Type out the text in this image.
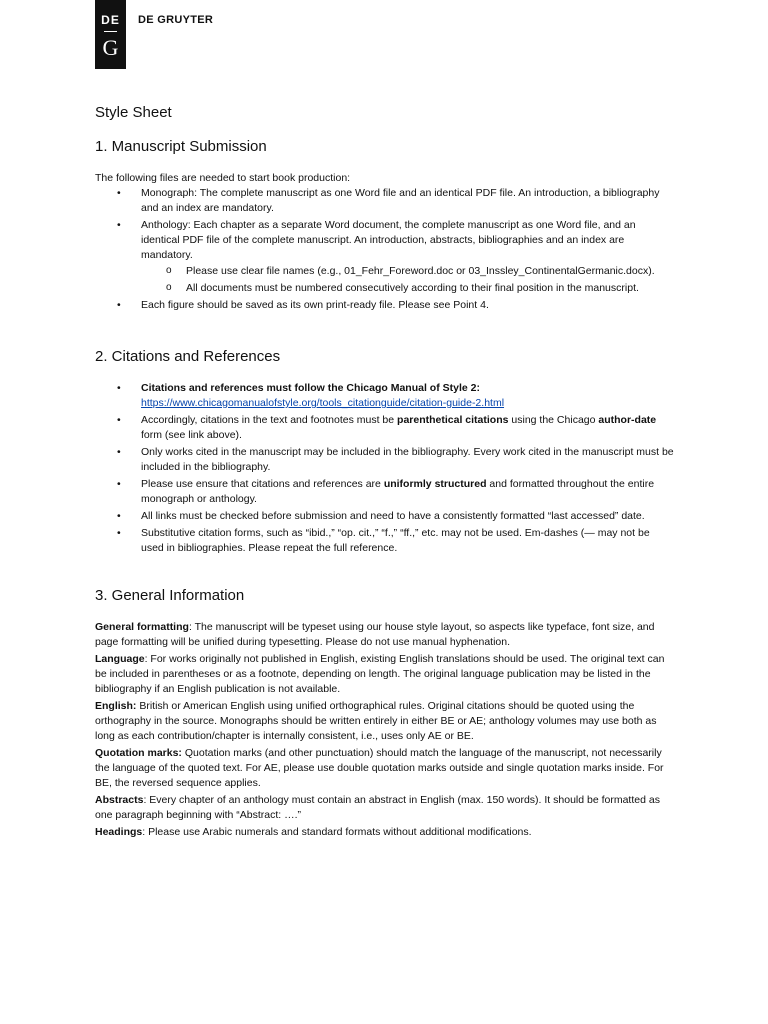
DE
G
DE GRUYTER
Style Sheet
1. Manuscript Submission

The following files are needed to start book production:

• Monograph: The complete manuscript as one Word file and an identical PDF file. An introduction, a bibliography and an index are mandatory.
• Anthology: Each chapter as a separate Word document, the complete manuscript as one Word file, and an identical PDF file of the complete manuscript. An introduction, abstracts, bibliographies and an index are mandatory.
o Please use clear file names (e.g., 01_Fehr_Foreword.doc or 03_Inssley_ContinentalGermanic.docx).
o All documents must be numbered consecutively according to their final position in the manuscript.
• Each figure should be saved as its own print-ready file. Please see Point 4.
2. Citations and References
• Citations and references must follow the Chicago Manual of Style 2:
https://www.chicagomanualofstyle.org/tools_citationguide/citation-guide-2.html
• Accordingly, citations in the text and footnotes must be parenthetical citations using the Chicago author-date form (see link above).
• Only works cited in the manuscript may be included in the bibliography. Every work cited in the manuscript must be included in the bibliography.
• Please use ensure that citations and references are uniformly structured and formatted throughout the entire monograph or anthology.
• All links must be checked before submission and need to have a consistently formatted “last accessed” date.
• Substitutive citation forms, such as “ibid.,” “op. cit.,” “f.,” “ff.,” etc. may not be used. Em-dashes (— may not be used in bibliographies. Please repeat the full reference.
3. General Information

General formatting: The manuscript will be typeset using our house style layout, so aspects like typeface, font size, and page formatting will be unified during typesetting. Please do not use manual hyphenation.

Language: For works originally not published in English, existing English translations should be used. The original text can be included in parentheses or as a footnote, depending on length. The original language publication may be listed in the bibliography if an English publication is not available.

English: British or American English using unified orthographical rules. Original citations should be quoted using the orthography in the source. Monographs should be written entirely in either BE or AE; anthology volumes may use both as long as each contribution/chapter is internally consistent, i.e., uses only AE or BE.

Quotation marks: Quotation marks (and other punctuation) should match the language of the manuscript, not necessarily the language of the quoted text. For AE, please use double quotation marks outside and single quotation marks inside. For BE, the reversed sequence applies.

Abstracts: Every chapter of an anthology must contain an abstract in English (max. 150 words). It should be formatted as one paragraph beginning with “Abstract: ….”

Headings: Please use Arabic numerals and standard formats without additional modifications.
